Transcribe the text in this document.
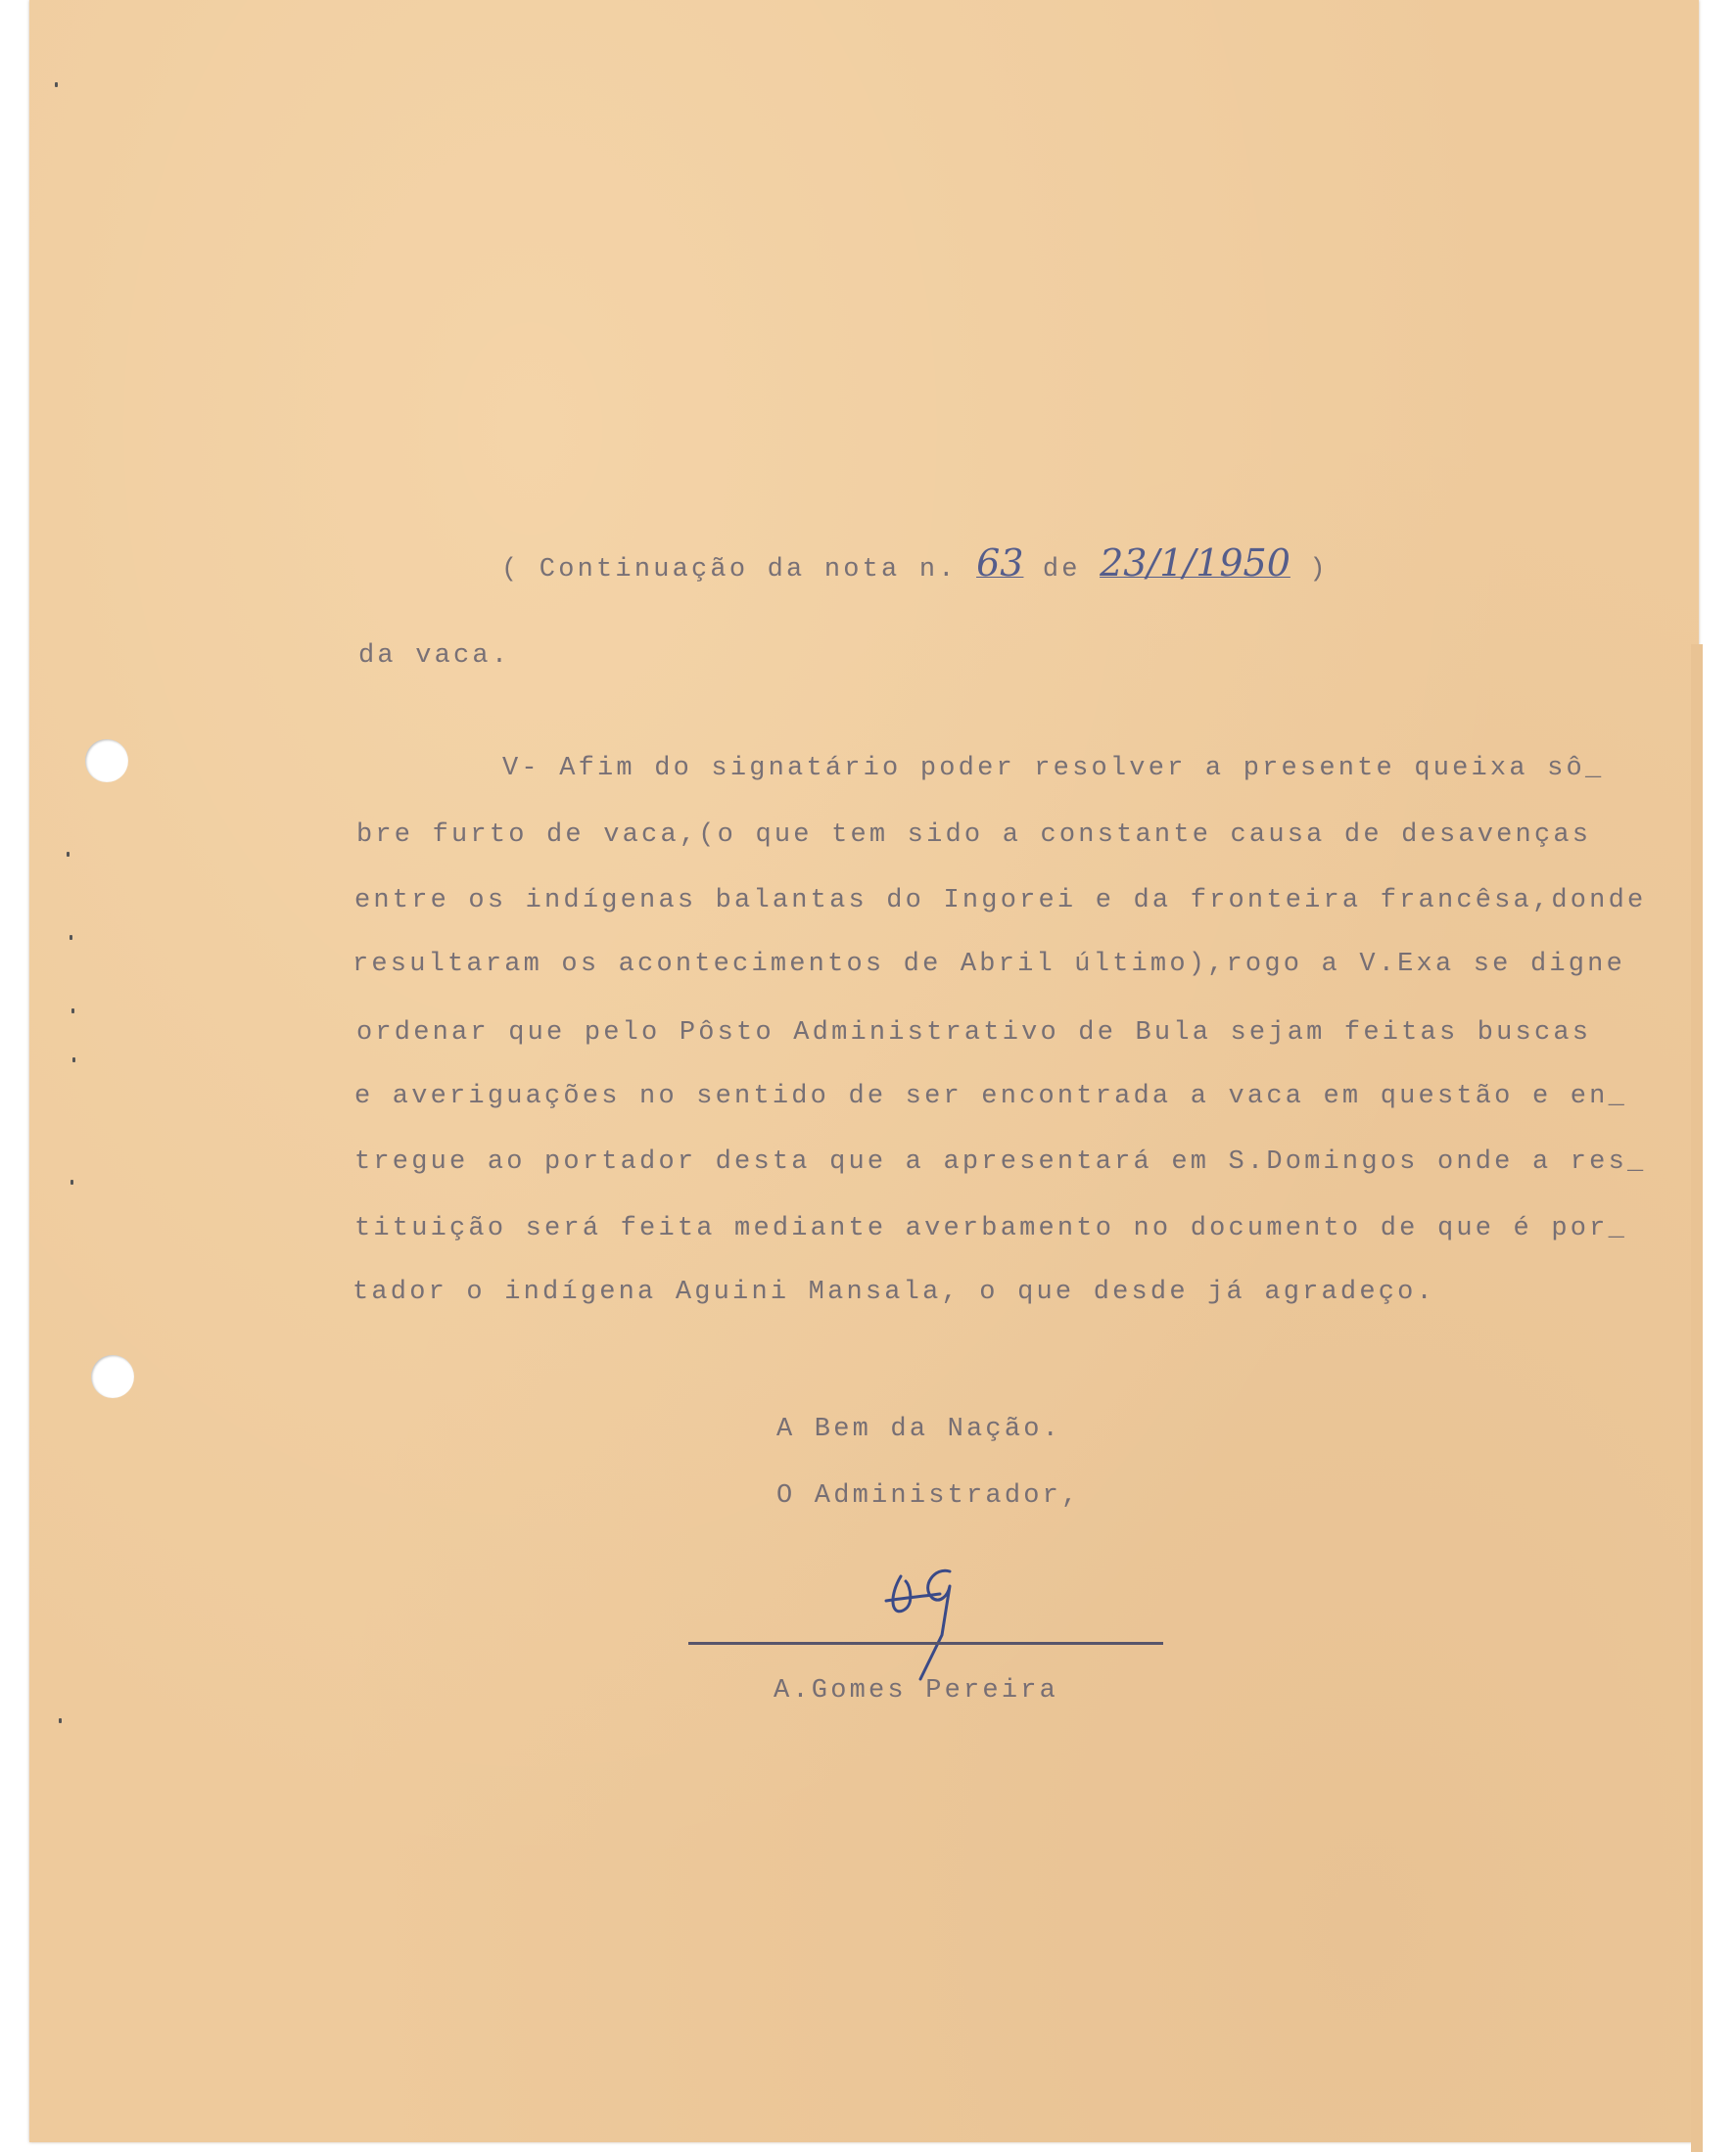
( Continuação da nota n. 63 de 23/1/1950 )
da vaca.
V- Afim do signatário poder resolver a presente queixa sô_
bre furto de vaca,(o que tem sido a constante causa de desavenças
entre os indígenas balantas do Ingorei e da fronteira francêsa,donde
resultaram os acontecimentos de Abril último),rogo a V.Exa se digne
ordenar que pelo Pôsto Administrativo de Bula sejam feitas buscas
e averiguações no sentido de ser encontrada a vaca em questão e en_
tregue ao portador desta que a apresentará em S.Domingos onde a res_
tituição será feita mediante averbamento no documento de que é por_
tador o indígena Aguini Mansala, o que desde já agradeço.
A Bem da Nação.
O Administrador,
A.Gomes Pereira
